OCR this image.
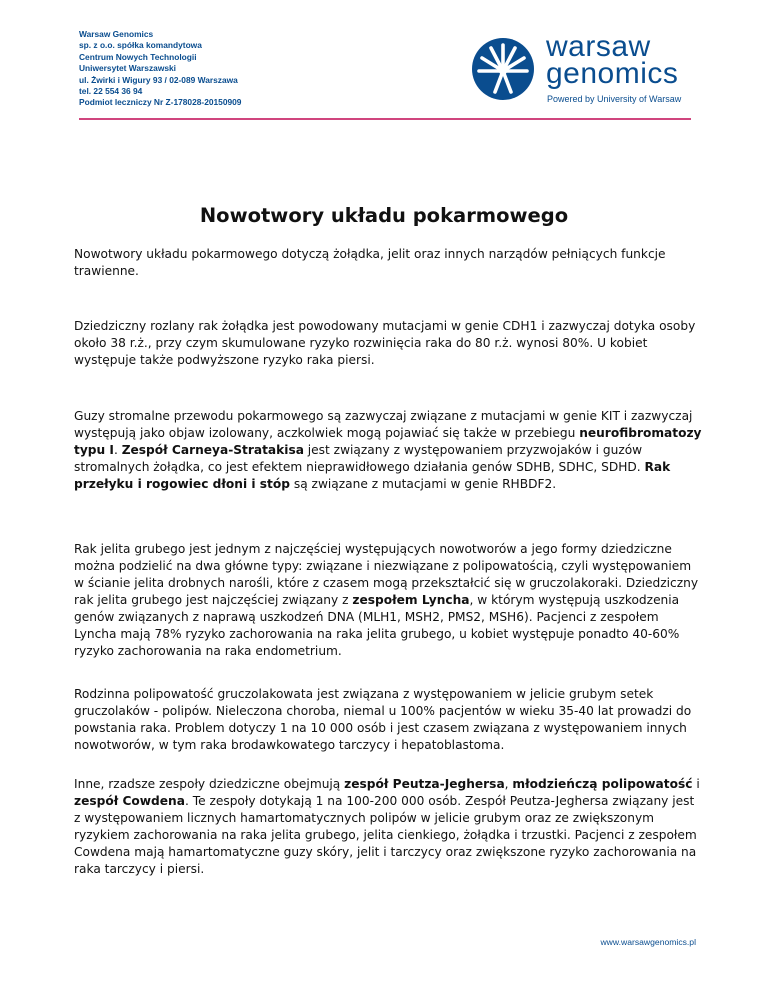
Warsaw Genomics
sp. z o.o. spółka komandytowa
Centrum Nowych Technologii
Uniwersytet Warszawski
ul. Żwirki i Wigury 93 / 02-089 Warszawa
tel. 22 554 36 94
Podmiot leczniczy Nr Z-178028-20150909
warsaw
genomics
Powered by University of Warsaw
Nowotwory układu pokarmowego

Nowotwory układu pokarmowego dotyczą żołądka, jelit oraz innych narządów pełniących funkcje trawienne.

Dziedziczny rozlany rak żołądka jest powodowany mutacjami w genie CDH1 i zazwyczaj dotyka osoby około 38 r.ż., przy czym skumulowane ryzyko rozwinięcia raka do 80 r.ż. wynosi 80%. U kobiet występuje także podwyższone ryzyko raka piersi.

Guzy stromalne przewodu pokarmowego są zazwyczaj związane z mutacjami w genie KIT i zazwyczaj występują jako objaw izolowany, aczkolwiek mogą pojawiać się także w przebiegu neurofibromatozy typu I. Zespół Carneya-Stratakisa jest związany z występowaniem przyzwojaków i guzów stromalnych żołądka, co jest efektem nieprawidłowego działania genów SDHB, SDHC, SDHD. Rak przełyku i rogowiec dłoni i stóp są związane z mutacjami w genie RHBDF2.

Rak jelita grubego jest jednym z najczęściej występujących nowotworów a jego formy dziedziczne można podzielić na dwa główne typy: związane i niezwiązane z polipowatością, czyli występowaniem w ścianie jelita drobnych narośli, które z czasem mogą przekształcić się w gruczolakoraki. Dziedziczny rak jelita grubego jest najczęściej związany z zespołem Lyncha, w którym występują uszkodzenia genów związanych z naprawą uszkodzeń DNA (MLH1, MSH2, PMS2, MSH6). Pacjenci z zespołem Lyncha mają 78% ryzyko zachorowania na raka jelita grubego, u kobiet występuje ponadto 40-60% ryzyko zachorowania na raka endometrium.

Rodzinna polipowatość gruczolakowata jest związana z występowaniem w jelicie grubym setek gruczolaków - polipów. Nieleczona choroba, niemal u 100% pacjentów w wieku 35-40 lat prowadzi do powstania raka. Problem dotyczy 1 na 10 000 osób i jest czasem związana z występowaniem innych nowotworów, w tym raka brodawkowatego tarczycy i hepatoblastoma.

Inne, rzadsze zespoły dziedziczne obejmują zespół Peutza-Jeghersa, młodzieńczą polipowatość i zespół Cowdena. Te zespoły dotykają 1 na 100-200 000 osób. Zespół Peutza-Jeghersa związany jest z występowaniem licznych hamartomatycznych polipów w jelicie grubym oraz ze zwiększonym ryzykiem zachorowania na raka jelita grubego, jelita cienkiego, żołądka i trzustki. Pacjenci z zespołem Cowdena mają hamartomatyczne guzy skóry, jelit i tarczycy oraz zwiększone ryzyko zachorowania na raka tarczycy i piersi.

www.warsawgenomics.pl
